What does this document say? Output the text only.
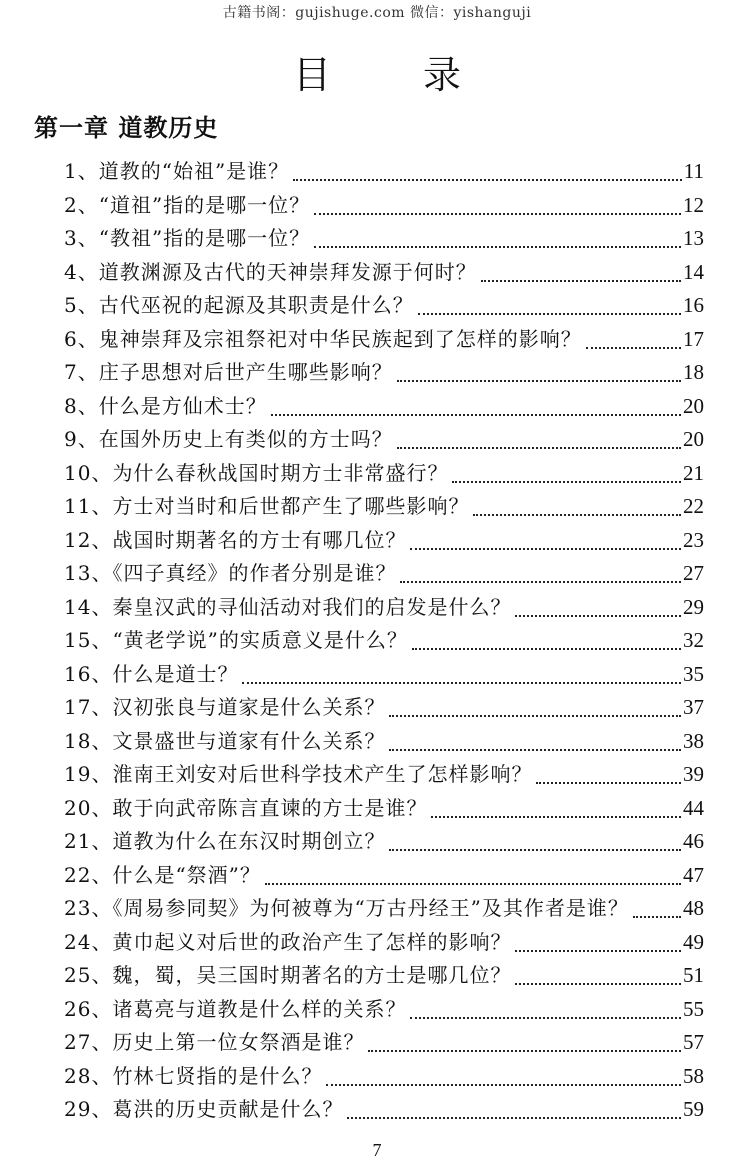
古籍书阁：gujishuge.com 微信：yishanguji
目 录
第一章 道教历史
1、道教的“始祖”是谁？	11
2、“道祖”指的是哪一位？	12
3、“教祖”指的是哪一位？	13
4、道教渊源及古代的天神崇拜发源于何时？	14
5、古代巫祝的起源及其职责是什么？	16
6、鬼神崇拜及宗祖祭祀对中华民族起到了怎样的影响？	17
7、庄子思想对后世产生哪些影响？	18
8、什么是方仙术士？	20
9、在国外历史上有类似的方士吗？	20
10、为什么春秋战国时期方士非常盛行？	21
11、方士对当时和后世都产生了哪些影响？	22
12、战国时期著名的方士有哪几位？	23
13、《四子真经》的作者分别是谁？	27
14、秦皇汉武的寻仙活动对我们的启发是什么？	29
15、“黄老学说”的实质意义是什么？	32
16、什么是道士？	35
17、汉初张良与道家是什么关系？	37
18、文景盛世与道家有什么关系？	38
19、淮南王刘安对后世科学技术产生了怎样影响？	39
20、敢于向武帝陈言直谏的方士是谁？	44
21、道教为什么在东汉时期创立？	46
22、什么是“祭酒”？	47
23、《周易参同契》为何被尊为“万古丹经王”及其作者是谁？	48
24、黄巾起义对后世的政治产生了怎样的影响？	49
25、魏，蜀，吴三国时期著名的方士是哪几位？	51
26、诸葛亮与道教是什么样的关系？	55
27、历史上第一位女祭酒是谁？	57
28、竹林七贤指的是什么？	58
29、葛洪的历史贡献是什么？	59
7
